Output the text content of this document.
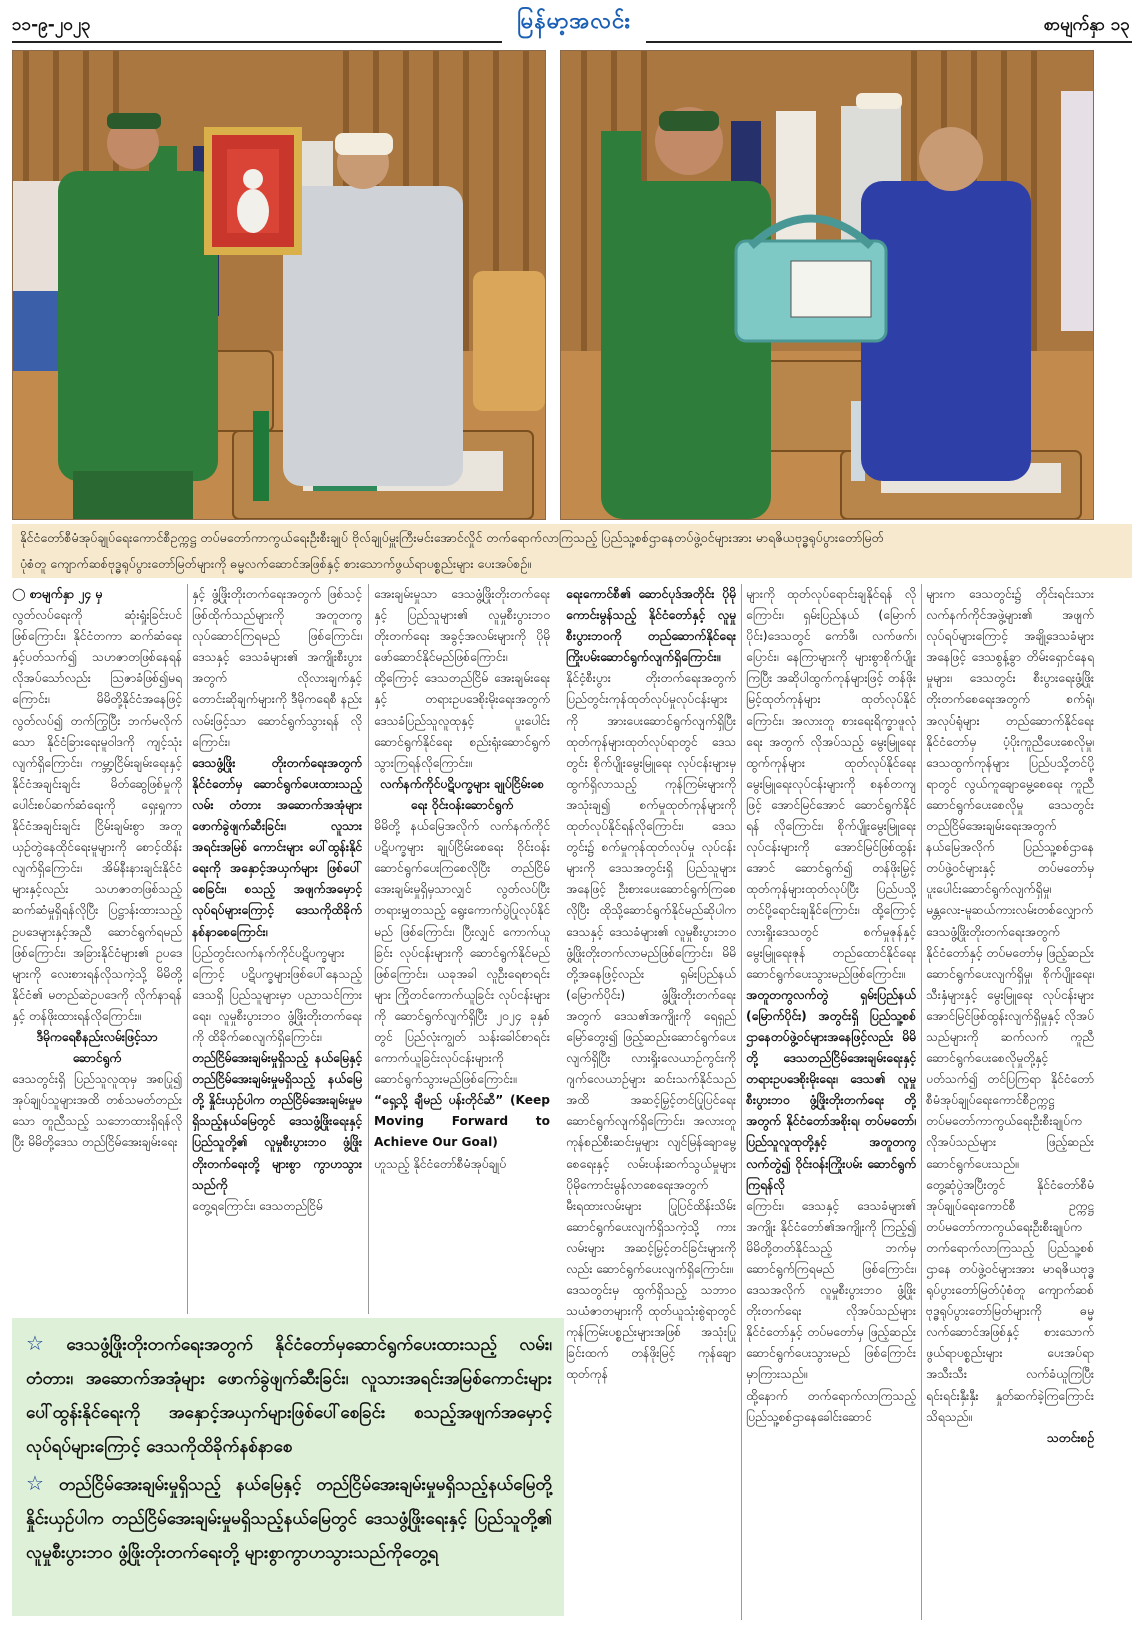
၁၁-၉-၂၀၂၃	မြန်မာ့အလင်း	စာမျက်နှာ ၁၃
နိုင်ငံတော်စီမံအုပ်ချုပ်ရေးကောင်စီဥက္ကဋ္ဌ တပ်မတော်ကာကွယ်ရေးဦးစီးချုပ် ဗိုလ်ချုပ်မှူးကြီးမင်းအောင်လှိုင် တက်ရောက်လာကြသည့် ပြည်သူ့စစ်ဌာနေတပ်ဖွဲ့ဝင်များအား မာရဇိယဗုဒ္ဓရုပ်ပွားတော်မြတ်
ပုံစံတူ ကျောက်ဆစ်ဗုဒ္ဓရုပ်ပွားတော်မြတ်များကို ဓမ္မလက်ဆောင်အဖြစ်နှင့် စားသောက်ဖွယ်ရာပစ္စည်းများ ပေးအပ်စဉ်။

◯ စာမျက်နှာ ၂၄ မှ

လွတ်လပ်ရေးကို ဆုံးရှုံးခြင်းပင် ဖြစ်ကြောင်း၊ နိုင်ငံတကာ ဆက်ဆံရေးနှင့်ပတ်သက်၍ သဟဇာတဖြစ်နေရန် လိုအပ်သော်လည်း ဩဇာခံဖြစ်၍မရကြောင်း၊ မိမိတို့နိုင်ငံအနေဖြင့် လွတ်လပ်၍ တက်ကြွပြီး ဘက်မလိုက်သော နိုင်ငံခြားရေးမူဝါဒကို ကျင့်သုံးလျက်ရှိကြောင်း၊ ကမ္ဘာ့ငြိမ်းချမ်းရေးနှင့် နိုင်ငံအချင်းချင်း မိတ်ဆွေဖြစ်မှုကို ပေါင်းစပ်ဆက်ဆံရေးကို ရှေးရှုကာ နိုင်ငံအချင်းချင်း ငြိမ်းချမ်းစွာ အတူယှဉ်တွဲနေထိုင်ရေးမူများကို စောင့်ထိန်းလျက်ရှိကြောင်း၊ အိမ်နီးနားချင်းနိုင်ငံများနှင့်လည်း သဟဇာတဖြစ်သည့်ဆက်ဆံမှုရှိရန်လိုပြီး ပြဋ္ဌာန်းထားသည့် ဥပဒေများနှင့်အညီ ဆောင်ရွက်ရမည် ဖြစ်ကြောင်း၊ အခြားနိုင်ငံများ၏ ဥပဒေများကို လေးစားရန်လိုသကဲ့သို့ မိမိတို့ နိုင်ငံ၏ မတည်ဆဲဥပဒေကို လိုက်နာရန်နှင့် တန်ဖိုးထားရန်လိုကြောင်း။

ဒီမိုကရေစီနည်းလမ်းဖြင့်သာ ဆောင်ရွက်

ဒေသတွင်းရှိ ပြည်သူလူထုမှ အစပြု၍ အုပ်ချုပ်သူများအထိ တစ်သမတ်တည်းသော တူညီသည့် သဘောထားရှိရန်လိုပြီး မိမိတို့ဒေသ တည်ငြိမ်အေးချမ်းရေး

နှင့် ဖွံ့ဖြိုးတိုးတက်ရေးအတွက် ဖြစ်သင့် ဖြစ်ထိုက်သည်များကို အတူတကွ လုပ်ဆောင်ကြရမည် ဖြစ်ကြောင်း၊ ဒေသနှင့် ဒေသခံများ၏ အကျိုးစီးပွားအတွက် လိုလားချက်နှင့် တောင်းဆိုချက်များကို ဒီမိုကရေစီ နည်းလမ်းဖြင့်သာ ဆောင်ရွက်သွားရန် လိုကြောင်း၊

ဒေသဖွံ့ဖြိုး တိုးတက်ရေးအတွက် နိုင်ငံတော်မှ ဆောင်ရွက်ပေးထားသည့် လမ်း တံတား အဆောက်အအုံများ ဖောက်ခွဲဖျက်ဆီးခြင်း၊ လူသားအရင်းအမြစ် ကောင်းများ ပေါ်ထွန်းနိုင်ရေးကို အနှောင့်အယှက်များ ဖြစ်ပေါ်စေခြင်း၊ စသည့် အဖျက်အမှောင့်လုပ်ရပ်များကြောင့် ဒေသကိုထိခိုက်နစ်နာစေကြောင်း၊

ပြည်တွင်းလက်နက်ကိုင်ပဋိပက္ခများကြောင့် ပဋိပက္ခများဖြစ်ပေါ်နေသည့် ဒေသရှိ ပြည်သူများမှာ ပညာသင်ကြားရေး၊ လူမှုစီးပွားဘဝ ဖွံ့ဖြိုးတိုးတက်ရေးကို ထိခိုက်စေလျက်ရှိကြောင်း၊

တည်ငြိမ်အေးချမ်းမှုရှိသည့် နယ်မြေနှင့် တည်ငြိမ်အေးချမ်းမှုမရှိသည့် နယ်မြေတို့ နှိုင်းယှဉ်ပါက တည်ငြိမ်အေးချမ်းမှုမရှိသည့်နယ်မြေတွင် ဒေသဖွံ့ဖြိုးရေးနှင့် ပြည်သူတို့၏ လူမှုစီးပွားဘဝ ဖွံ့ဖြိုးတိုးတက်ရေးတို့ များစွာ ကွာဟသွားသည်ကို

တွေ့ရကြောင်း၊ ဒေသတည်ငြိမ်

အေးချမ်းမှုသာ ဒေသဖွံ့ဖြိုးတိုးတက်ရေးနှင့် ပြည်သူများ၏ လူမှုစီးပွားဘဝ တိုးတက်ရေး အခွင့်အလမ်းများကို ပိုမိုဖော်ဆောင်နိုင်မည်ဖြစ်ကြောင်း၊ ထို့ကြောင့် ဒေသတည်ငြိမ် အေးချမ်းရေးနှင့် တရားဥပဒေစိုးမိုးရေးအတွက် ဒေသခံပြည်သူလူထုနှင့် ပူးပေါင်းဆောင်ရွက်နိုင်ရေး စည်းရုံးဆောင်ရွက်သွားကြရန်လိုကြောင်း။

လက်နက်ကိုင်ပဋိပက္ခများ ချုပ်ငြိမ်းစေရေး ဝိုင်းဝန်းဆောင်ရွက်

မိမိတို့ နယ်မြေအလိုက် လက်နက်ကိုင်ပဋိပက္ခများ ချုပ်ငြိမ်းစေရေး ဝိုင်းဝန်းဆောင်ရွက်ပေးကြစေလိုပြီး တည်ငြိမ်အေးချမ်းမှုရှိမှသာလျှင် လွတ်လပ်ပြီး တရားမျှတသည့် ရွေးကောက်ပွဲပြုလုပ်နိုင်မည် ဖြစ်ကြောင်း၊ ပြီးလျှင် ကောက်ယူခြင်း လုပ်ငန်းများကို ဆောင်ရွက်နိုင်မည် ဖြစ်ကြောင်း၊ ယခုအခါ လူဦးရေစာရင်းများ ကြိုတင်ကောက်ယူခြင်း လုပ်ငန်းများကို ဆောင်ရွက်လျက်ရှိပြီး ၂၀၂၄ ခုနှစ်တွင် ပြည်လုံးကျွတ် သန်းခေါင်စာရင်း ကောက်ယူခြင်းလုပ်ငန်းများကို ဆောင်ရွက်သွားမည်ဖြစ်ကြောင်း။

“ရှေ့သို့ ချီမည် ပန်းတိုင်ဆီ” (Keep Moving Forward to Achieve Our Goal)

ဟူသည့် နိုင်ငံတော်စီမံအုပ်ချုပ်

ရေးကောင်စီ၏ ဆောင်ပုဒ်အတိုင်း ပိုမိုကောင်းမွန်သည့် နိုင်ငံတော်နှင့် လူမှုစီးပွားဘဝကို တည်ဆောက်နိုင်ရေး ကြိုးပမ်းဆောင်ရွက်လျက်ရှိကြောင်း။

နိုင်ငံ့စီးပွား တိုးတက်ရေးအတွက် ပြည်တွင်းကုန်ထုတ်လုပ်မှုလုပ်ငန်းများကို အားပေးဆောင်ရွက်လျက်ရှိပြီး ထုတ်ကုန်များထုတ်လုပ်ရာတွင် ဒေသတွင်း စိုက်ပျိုးမွေးမြူရေး လုပ်ငန်းများမှ ထွက်ရှိလာသည့် ကုန်ကြမ်းများကို အသုံးချ၍ စက်မှုထုတ်ကုန်များကို ထုတ်လုပ်နိုင်ရန်လိုကြောင်း၊ ဒေသတွင်း၌ စက်မှုကုန်ထုတ်လုပ်မှု လုပ်ငန်းများကို ဒေသအတွင်းရှိ ပြည်သူများ အနေဖြင့် ဦးစားပေးဆောင်ရွက်ကြစေလိုပြီး ထိုသို့ဆောင်ရွက်နိုင်မည်ဆိုပါက ဒေသနှင့် ဒေသခံများ၏ လူမှုစီးပွားဘဝ ဖွံ့ဖြိုးတိုးတက်လာမည်ဖြစ်ကြောင်း၊ မိမိတို့အနေဖြင့်လည်း ရှမ်းပြည်နယ် (မြောက်ပိုင်း) ဖွံ့ဖြိုးတိုးတက်ရေးအတွက် ဒေသ၏အကျိုးကို ရေရှည်မြော်တွေး၍ ဖြည့်ဆည်းဆောင်ရွက်ပေးလျက်ရှိပြီး လားရှိုးလေယာဉ်ကွင်းကို ဂျက်လေယာဉ်များ ဆင်းသက်နိုင်သည်အထိ အဆင့်မြှင့်တင်ပြုပြင်ရေး ဆောင်ရွက်လျက်ရှိကြောင်း၊ အလားတူ ကုန်စည်စီးဆင်းမှုများ လျင်မြန်ချောမွေ့စေရေးနှင့် လမ်းပန်းဆက်သွယ်မှုများ ပိုမိုကောင်းမွန်လာစေရေးအတွက် မီးရထားလမ်းများ ပြုပြင်ထိန်းသိမ်း ဆောင်ရွက်ပေးလျက်ရှိသကဲ့သို့ ကားလမ်းများ အဆင့်မြှင့်တင်ခြင်းများကိုလည်း ဆောင်ရွက်ပေးလျက်ရှိကြောင်း။

ဒေသတွင်းမှ ထွက်ရှိသည့် သဘာဝသယံဇာတများကို ထုတ်ယူသုံးစွဲရာတွင် ကုန်ကြမ်းပစ္စည်းများအဖြစ် အသုံးပြုခြင်းထက် တန်ဖိုးမြင့် ကုန်ချောထုတ်ကုန်

များကို ထုတ်လုပ်ရောင်းချနိုင်ရန် လိုကြောင်း၊ ရှမ်းပြည်နယ် (မြောက်ပိုင်း)ဒေသတွင် ကော်ဖီ၊ လက်ဖက်၊ ပြောင်း၊ နေကြာများကို များစွာစိုက်ပျိုးကြပြီး အဆိုပါထွက်ကုန်များဖြင့် တန်ဖိုးမြင့်ထုတ်ကုန်များ ထုတ်လုပ်နိုင်ကြောင်း၊ အလားတူ စားရေးရိက္ခာဖူလုံရေး အတွက် လိုအပ်သည့် မွေးမြူရေး ထွက်ကုန်များ ထုတ်လုပ်နိုင်ရေး မွေးမြူရေးလုပ်ငန်းများကို စနစ်တကျဖြင့် အောင်မြင်အောင် ဆောင်ရွက်နိုင်ရန် လိုကြောင်း၊ စိုက်ပျိုးမွေးမြူရေး လုပ်ငန်းများကို အောင်မြင်ဖြစ်ထွန်းအောင် ဆောင်ရွက်၍ တန်ဖိုးမြှင့်ထုတ်ကုန်များထုတ်လုပ်ပြီး ပြည်ပသို့တင်ပို့ရောင်းချနိုင်ကြောင်း၊ ထို့ကြောင့် လားရှိုးဒေသတွင် စက်မှုဇုန်နှင့် မွေးမြူရေးဇုန် တည်ထောင်နိုင်ရေး ဆောင်ရွက်ပေးသွားမည်ဖြစ်ကြောင်း။

အတူတကွလက်တွဲ ရှမ်းပြည်နယ် (မြောက်ပိုင်း) အတွင်းရှိ ပြည်သူ့စစ်ဌာနေတပ်ဖွဲ့ဝင်များအနေဖြင့်လည်း မိမိတို့ ဒေသတည်ငြိမ်အေးချမ်းရေးနှင့် တရားဥပဒေစိုးမိုးရေး၊ ဒေသ၏ လူမှုစီးပွားဘဝ ဖွံ့ဖြိုးတိုးတက်ရေး တို့အတွက် နိုင်ငံတော်အစိုးရ၊ တပ်မတော်၊ ပြည်သူလူထုတို့နှင့် အတူတကွ လက်တွဲ၍ ဝိုင်းဝန်းကြိုးပမ်း ဆောင်ရွက်ကြရန်လို

ကြောင်း၊ ဒေသနှင့် ဒေသခံများ၏ အကျိုး နိုင်ငံတော်၏အကျိုးကို ကြည့်၍ မိမိတို့တတ်နိုင်သည့် ဘက်မှ ဆောင်ရွက်ကြရမည် ဖြစ်ကြောင်း၊ ဒေသအလိုက် လူမှုစီးပွားဘဝ ဖွံ့ဖြိုးတိုးတက်ရေး လိုအပ်သည်များ နိုင်ငံတော်နှင့် တပ်မတော်မှ ဖြည့်ဆည်း ဆောင်ရွက်ပေးသွားမည် ဖြစ်ကြောင်း မှာကြားသည်။

ထို့နောက် တက်ရောက်လာကြသည့် ပြည်သူ့စစ်ဌာနေခေါင်းဆောင်

များက ဒေသတွင်း၌ တိုင်းရင်းသားလက်နက်ကိုင်အဖွဲ့များ၏ အဖျက်လုပ်ရပ်များကြောင့် အချို့ဒေသခံများအနေဖြင့် ဒေသစွန့်ခွာ တိမ်းရှောင်နေရမှုများ၊ ဒေသတွင်း စီးပွားရေးဖွံ့ဖြိုးတိုးတက်စေရေးအတွက် စက်ရုံ၊ အလုပ်ရုံများ တည်ဆောက်နိုင်ရေး နိုင်ငံတော်မှ ပံ့ပိုးကူညီပေးစေလိုမှု၊ ဒေသထွက်ကုန်များ ပြည်ပသို့တင်ပို့ရာတွင် လွယ်ကူချောမွေ့စေရေး ကူညီဆောင်ရွက်ပေးစေလိုမှု ဒေသတွင်း တည်ငြိမ်အေးချမ်းရေးအတွက် နယ်မြေအလိုက် ပြည်သူ့စစ်ဌာနေ တပ်ဖွဲ့ဝင်များနှင့် တပ်မတော်မှ ပူးပေါင်းဆောင်ရွက်လျက်ရှိမှု၊ မန္တလေး-မူဆယ်ကားလမ်းတစ်လျှောက် ဒေသဖွံ့ဖြိုးတိုးတက်ရေးအတွက် နိုင်ငံတော်နှင့် တပ်မတော်မှ ဖြည့်ဆည်းဆောင်ရွက်ပေးလျက်ရှိမှု၊ စိုက်ပျိုးရေး၊ သီးနှံများနှင့် မွေးမြူရေး လုပ်ငန်းများ အောင်မြင်ဖြစ်ထွန်းလျက်ရှိမှုနှင့် လိုအပ်သည်များကို ဆက်လက် ကူညီဆောင်ရွက်ပေးစေလိုမှုတို့နှင့် ပတ်သက်၍ တင်ပြကြရာ နိုင်ငံတော်စီမံအုပ်ချုပ်ရေးကောင်စီဥက္ကဋ္ဌ တပ်မတော်ကာကွယ်ရေးဦးစီးချုပ်က လိုအပ်သည်များ ဖြည့်ဆည်းဆောင်ရွက်ပေးသည်။

တွေ့ဆုံပွဲအပြီးတွင် နိုင်ငံတော်စီမံအုပ်ချုပ်ရေးကောင်စီ ဥက္ကဋ္ဌ တပ်မတော်ကာကွယ်ရေးဦးစီးချုပ်က တက်ရောက်လာကြသည့် ပြည်သူ့စစ်ဌာနေ တပ်ဖွဲ့ဝင်များအား မာရဇိယဗုဒ္ဓရုပ်ပွားတော်မြတ်ပုံစံတူ ကျောက်ဆစ်ဗုဒ္ဓရုပ်ပွားတော်မြတ်များကို ဓမ္မလက်ဆောင်အဖြစ်နှင့် စားသောက်ဖွယ်ရာပစ္စည်းများ ပေးအပ်ရာ အသီးသီး လက်ခံယူကြပြီး ရင်းရင်းနှီးနှီး နှုတ်ဆက်ခဲ့ကြကြောင်း သိရသည်။

သတင်းစဉ်

☆ ဒေသဖွံ့ဖြိုးတိုးတက်ရေးအတွက် နိုင်ငံတော်မှဆောင်ရွက်ပေးထားသည့် လမ်း၊ တံတား၊ အဆောက်အအုံများ ဖောက်ခွဲဖျက်ဆီးခြင်း၊ လူသားအရင်းအမြစ်ကောင်းများ ပေါ်ထွန်းနိုင်ရေးကို အနှောင့်အယှက်များဖြစ်ပေါ်စေခြင်း စသည့်အဖျက်အမှောင့် လုပ်ရပ်များကြောင့် ဒေသကိုထိခိုက်နစ်နာစေ

☆ တည်ငြိမ်အေးချမ်းမှုရှိသည့် နယ်မြေနှင့် တည်ငြိမ်အေးချမ်းမှုမရှိသည့်နယ်မြေတို့ နှိုင်းယှဉ်ပါက တည်ငြိမ်အေးချမ်းမှုမရှိသည့်နယ်မြေတွင် ဒေသဖွံ့ဖြိုးရေးနှင့် ပြည်သူတို့၏ လူမှုစီးပွားဘဝ ဖွံ့ဖြိုးတိုးတက်ရေးတို့ များစွာကွာဟသွားသည်ကိုတွေ့ရ
